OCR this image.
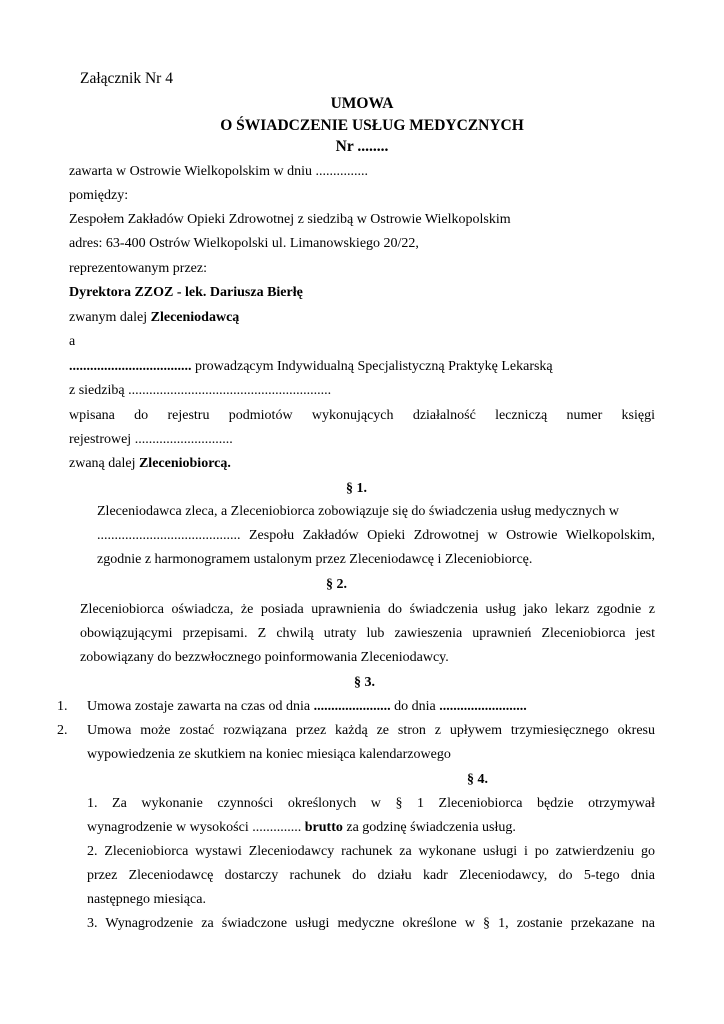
Załącznik Nr 4
UMOWA
O ŚWIADCZENIE USŁUG MEDYCZNYCH
Nr ........
zawarta w Ostrowie Wielkopolskim w dniu ...............
pomiędzy:
Zespołem Zakładów Opieki Zdrowotnej z siedzibą w Ostrowie Wielkopolskim
adres: 63-400 Ostrów Wielkopolski ul. Limanowskiego 20/22,
reprezentowanym przez:
Dyrektora ZZOZ - lek. Dariusza Bierłę
zwanym dalej Zleceniodawcą
a
................................... prowadzącym Indywidualną Specjalistyczną Praktykę Lekarską
z siedzibą ..........................................................
wpisana do rejestru podmiotów wykonujących działalność leczniczą numer księgi
rejestrowej ............................
zwaną dalej Zleceniobiorcą.
§ 1.
Zleceniodawca zleca, a Zleceniobiorca zobowiązuje się do świadczenia usług medycznych w
......................................... Zespołu Zakładów Opieki Zdrowotnej w Ostrowie Wielkopolskim,
zgodnie z harmonogramem ustalonym przez Zleceniodawcę i Zleceniobiorcę.
§ 2.
Zleceniobiorca oświadcza, że posiada uprawnienia do świadczenia usług jako lekarz zgodnie z
obowiązującymi przepisami. Z chwilą utraty lub zawieszenia uprawnień Zleceniobiorca jest
zobowiązany do bezzwłocznego poinformowania Zleceniodawcy.
§ 3.
1. Umowa zostaje zawarta na czas od dnia ...................... do dnia .........................
2. Umowa może zostać rozwiązana przez każdą ze stron z upływem trzymiesięcznego okresu
wypowiedzenia ze skutkiem na koniec miesiąca kalendarzowego
§ 4.
1. Za wykonanie czynności określonych w § 1 Zleceniobiorca będzie otrzymywał
wynagrodzenie w wysokości .............. brutto za godzinę świadczenia usług.
2. Zleceniobiorca wystawi Zleceniodawcy rachunek za wykonane usługi i po zatwierdzeniu go
przez Zleceniodawcę dostarczy rachunek do działu kadr Zleceniodawcy, do 5-tego dnia
następnego miesiąca.
3. Wynagrodzenie za świadczone usługi medyczne określone w § 1, zostanie przekazane na
